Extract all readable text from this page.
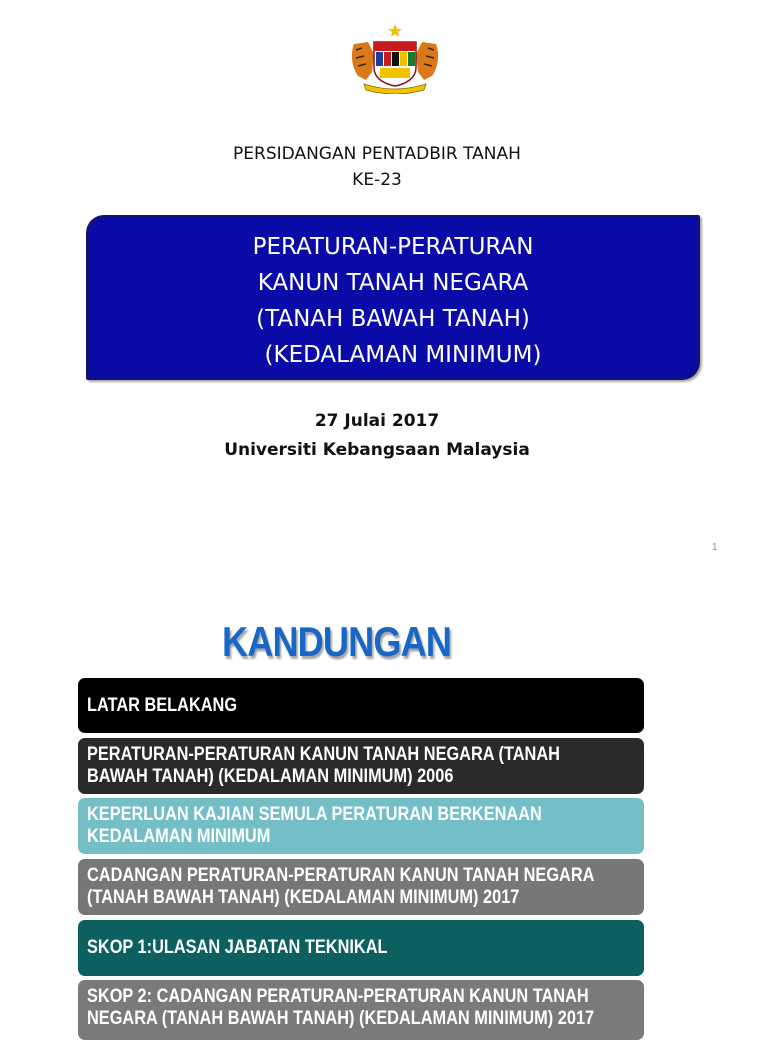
PERSIDANGAN PENTADBIR TANAH
KE-23
PERATURAN-PERATURAN
KANUN TANAH NEGARA
(TANAH BAWAH TANAH)
(KEDALAMAN MINIMUM)
27 Julai 2017
Universiti Kebangsaan Malaysia
1
KANDUNGAN
LATAR BELAKANG
PERATURAN-PERATURAN KANUN TANAH NEGARA (TANAH
BAWAH TANAH) (KEDALAMAN MINIMUM) 2006
KEPERLUAN KAJIAN SEMULA PERATURAN BERKENAAN
KEDALAMAN MINIMUM
CADANGAN PERATURAN-PERATURAN KANUN TANAH NEGARA
(TANAH BAWAH TANAH) (KEDALAMAN MINIMUM) 2017
SKOP 1:ULASAN JABATAN TEKNIKAL
SKOP 2: CADANGAN PERATURAN-PERATURAN KANUN TANAH
NEGARA (TANAH BAWAH TANAH) (KEDALAMAN MINIMUM) 2017
